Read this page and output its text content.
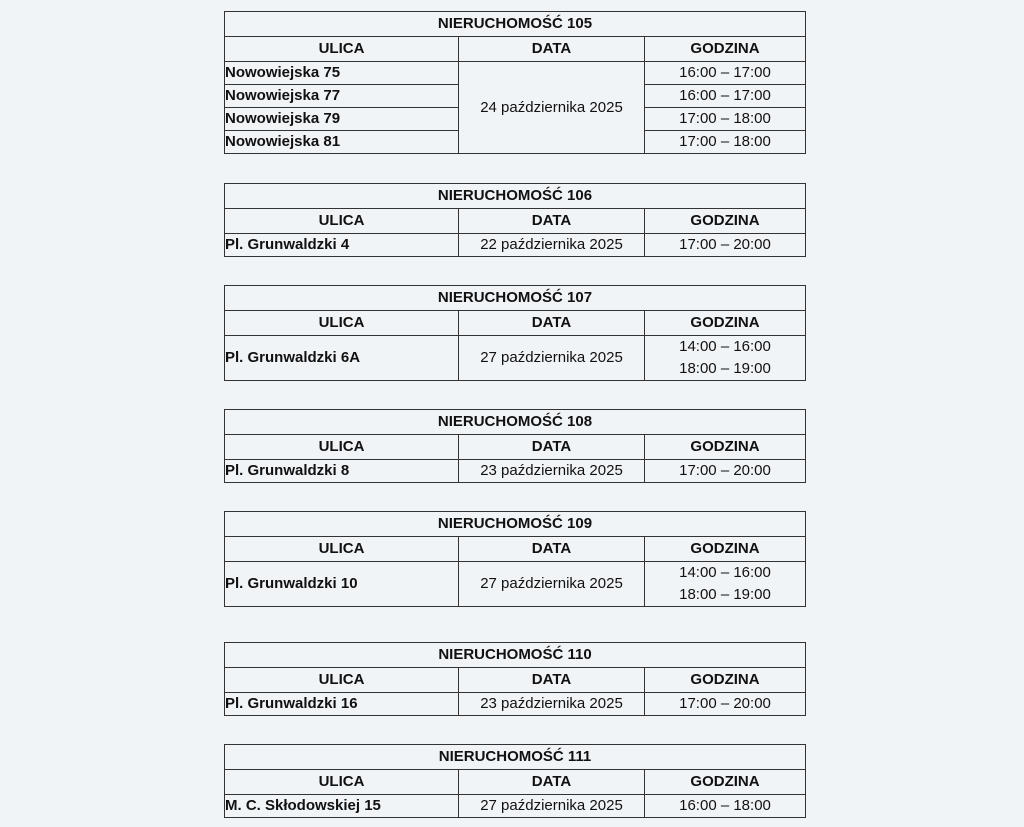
NIERUCHOMOŚĆ 105		
ULICA	DATA	GODZINA
Nowowiejska 75	24 października 2025	16:00 – 17:00
Nowowiejska 77		16:00 – 17:00
Nowowiejska 79		17:00 – 18:00
Nowowiejska 81		17:00 – 18:00
NIERUCHOMOŚĆ 106		
ULICA	DATA	GODZINA
Pl. Grunwaldzki 4	22 października 2025	17:00 – 20:00
NIERUCHOMOŚĆ 107		
ULICA	DATA	GODZINA
Pl. Grunwaldzki 6A	27 października 2025	14:00 – 16:00
18:00 – 19:00
NIERUCHOMOŚĆ 108		
ULICA	DATA	GODZINA
Pl. Grunwaldzki 8	23 października 2025	17:00 – 20:00
NIERUCHOMOŚĆ 109		
ULICA	DATA	GODZINA
Pl. Grunwaldzki 10	27 października 2025	14:00 – 16:00
18:00 – 19:00
NIERUCHOMOŚĆ 110		
ULICA	DATA	GODZINA
Pl. Grunwaldzki 16	23 października 2025	17:00 – 20:00
NIERUCHOMOŚĆ 111		
ULICA	DATA	GODZINA
M. C. Skłodowskiej 15	27 października 2025	16:00 – 18:00
